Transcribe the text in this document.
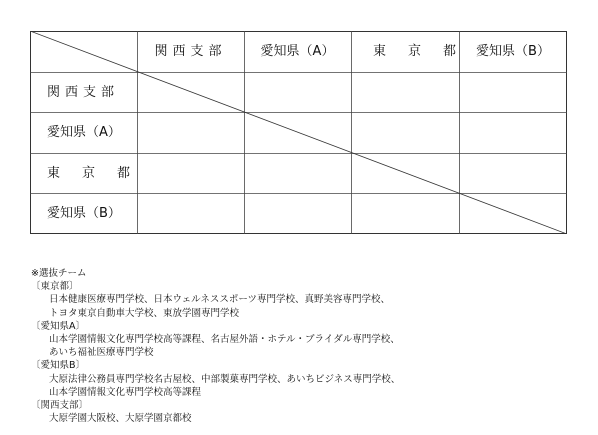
関西支部	愛知県（A）	東京都
愛知県（B）
関西支部
愛知県（A）
東京都
愛知県（B）
※選抜チーム
〔東京都〕
日本健康医療専門学校、日本ウェルネススポーツ専門学校、真野美容専門学校、
トヨタ東京自動車大学校、東放学園専門学校
〔愛知県A〕
山本学園情報文化専門学校高等課程、名古屋外語・ホテル・ブライダル専門学校、
あいち福祉医療専門学校
〔愛知県B〕
大原法律公務員専門学校名古屋校、中部製菓専門学校、あいちビジネス専門学校、
山本学園情報文化専門学校高等課程
〔関西支部〕
大原学園大阪校、大原学園京都校
